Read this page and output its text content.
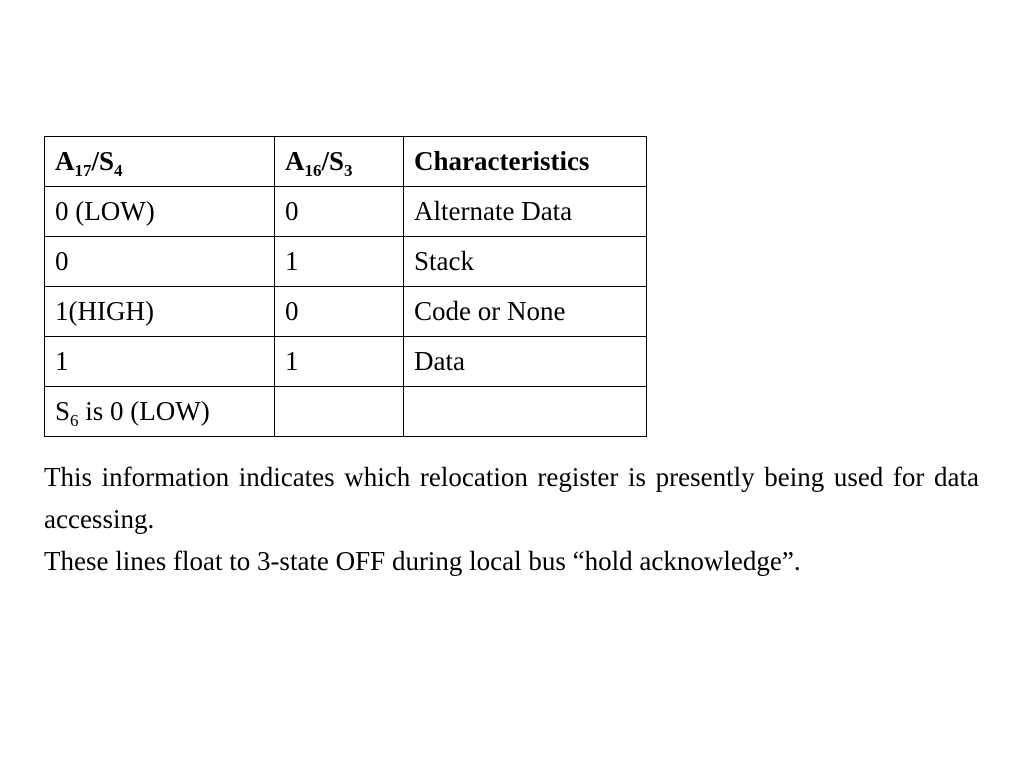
$A_{17}/S_4$	$A_{16}/S_3$	Characteristics
0 (LOW)	0	Alternate Data
0	1	Stack
1(HIGH)	0	Code or None
1	1	Data
$S_6$ is 0 (LOW)		

This information indicates which relocation register is presently being used for data accessing.

These lines float to 3-state OFF during local bus “hold acknowledge”.
